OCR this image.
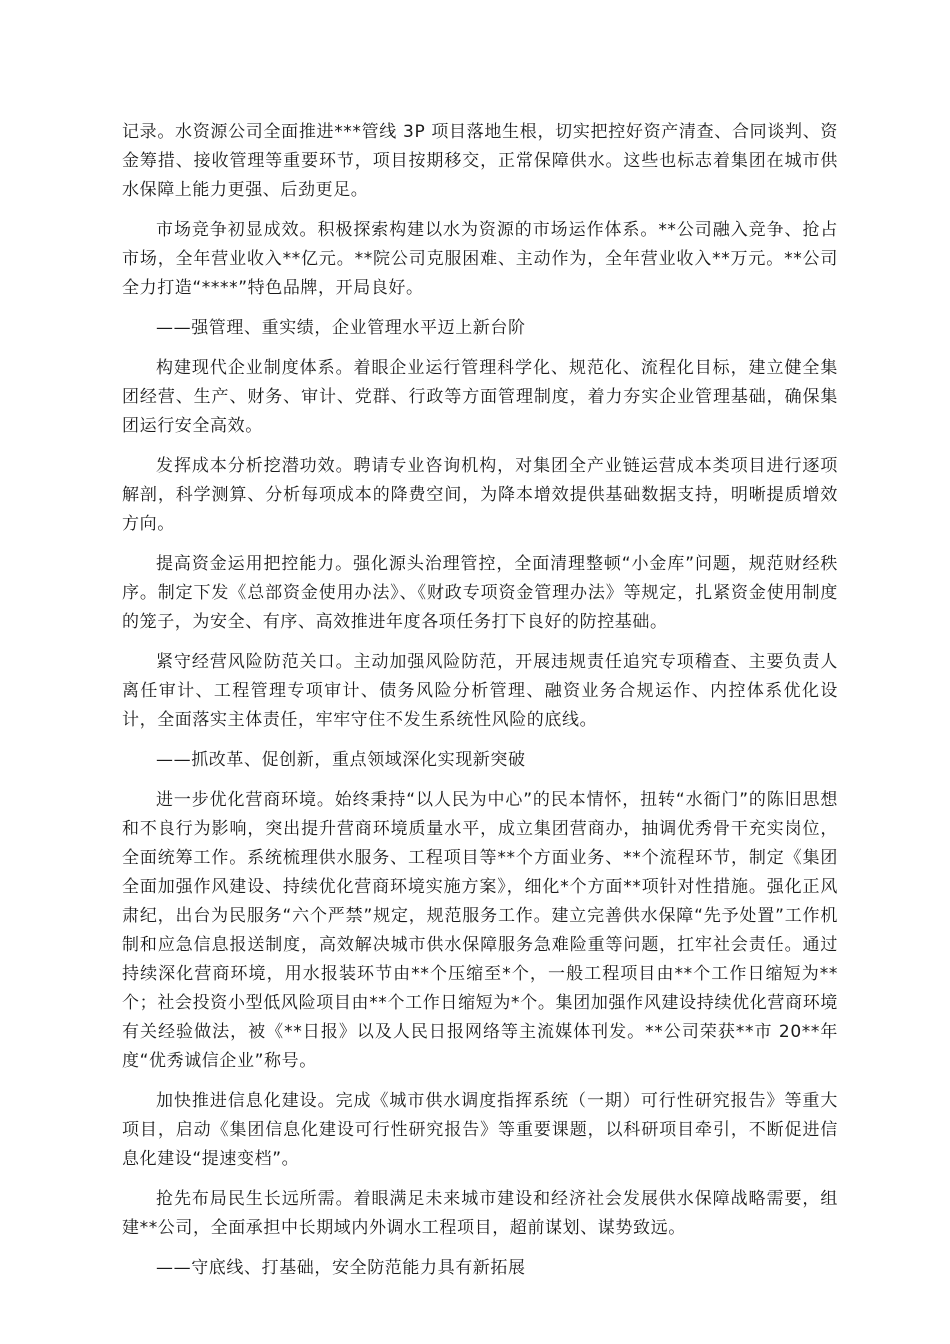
记录。水资源公司全面推进***管线 3P 项目落地生根，切实把控好资产清查、合同谈判、资金筹措、接收管理等重要环节，项目按期移交，正常保障供水。这些也标志着集团在城市供水保障上能力更强、后劲更足。

市场竞争初显成效。积极探索构建以水为资源的市场运作体系。**公司融入竞争、抢占市场，全年营业收入**亿元。**院公司克服困难、主动作为，全年营业收入**万元。**公司全力打造“****”特色品牌，开局良好。

——强管理、重实绩，企业管理水平迈上新台阶

构建现代企业制度体系。着眼企业运行管理科学化、规范化、流程化目标，建立健全集团经营、生产、财务、审计、党群、行政等方面管理制度，着力夯实企业管理基础，确保集团运行安全高效。

发挥成本分析挖潜功效。聘请专业咨询机构，对集团全产业链运营成本类项目进行逐项解剖，科学测算、分析每项成本的降费空间，为降本增效提供基础数据支持，明晰提质增效方向。

提高资金运用把控能力。强化源头治理管控，全面清理整顿“小金库”问题，规范财经秩序。制定下发《总部资金使用办法》、《财政专项资金管理办法》等规定，扎紧资金使用制度的笼子，为安全、有序、高效推进年度各项任务打下良好的防控基础。

紧守经营风险防范关口。主动加强风险防范，开展违规责任追究专项稽查、主要负责人离任审计、工程管理专项审计、债务风险分析管理、融资业务合规运作、内控体系优化设计，全面落实主体责任，牢牢守住不发生系统性风险的底线。

——抓改革、促创新，重点领域深化实现新突破

进一步优化营商环境。始终秉持“以人民为中心”的民本情怀，扭转“水衙门”的陈旧思想和不良行为影响，突出提升营商环境质量水平，成立集团营商办，抽调优秀骨干充实岗位，全面统筹工作。系统梳理供水服务、工程项目等**个方面业务、**个流程环节，制定《集团全面加强作风建设、持续优化营商环境实施方案》，细化*个方面**项针对性措施。强化正风肃纪，出台为民服务“六个严禁”规定，规范服务工作。建立完善供水保障“先予处置”工作机制和应急信息报送制度，高效解决城市供水保障服务急难险重等问题，扛牢社会责任。通过持续深化营商环境，用水报装环节由**个压缩至*个，一般工程项目由**个工作日缩短为**个；社会投资小型低风险项目由**个工作日缩短为*个。集团加强作风建设持续优化营商环境有关经验做法，被《**日报》以及人民日报网络等主流媒体刊发。**公司荣获**市 20**年度“优秀诚信企业”称号。

加快推进信息化建设。完成《城市供水调度指挥系统（一期）可行性研究报告》等重大项目，启动《集团信息化建设可行性研究报告》等重要课题，以科研项目牵引，不断促进信息化建设“提速变档”。

抢先布局民生长远所需。着眼满足未来城市建设和经济社会发展供水保障战略需要，组建**公司，全面承担中长期域内外调水工程项目，超前谋划、谋势致远。

——守底线、打基础，安全防范能力具有新拓展
